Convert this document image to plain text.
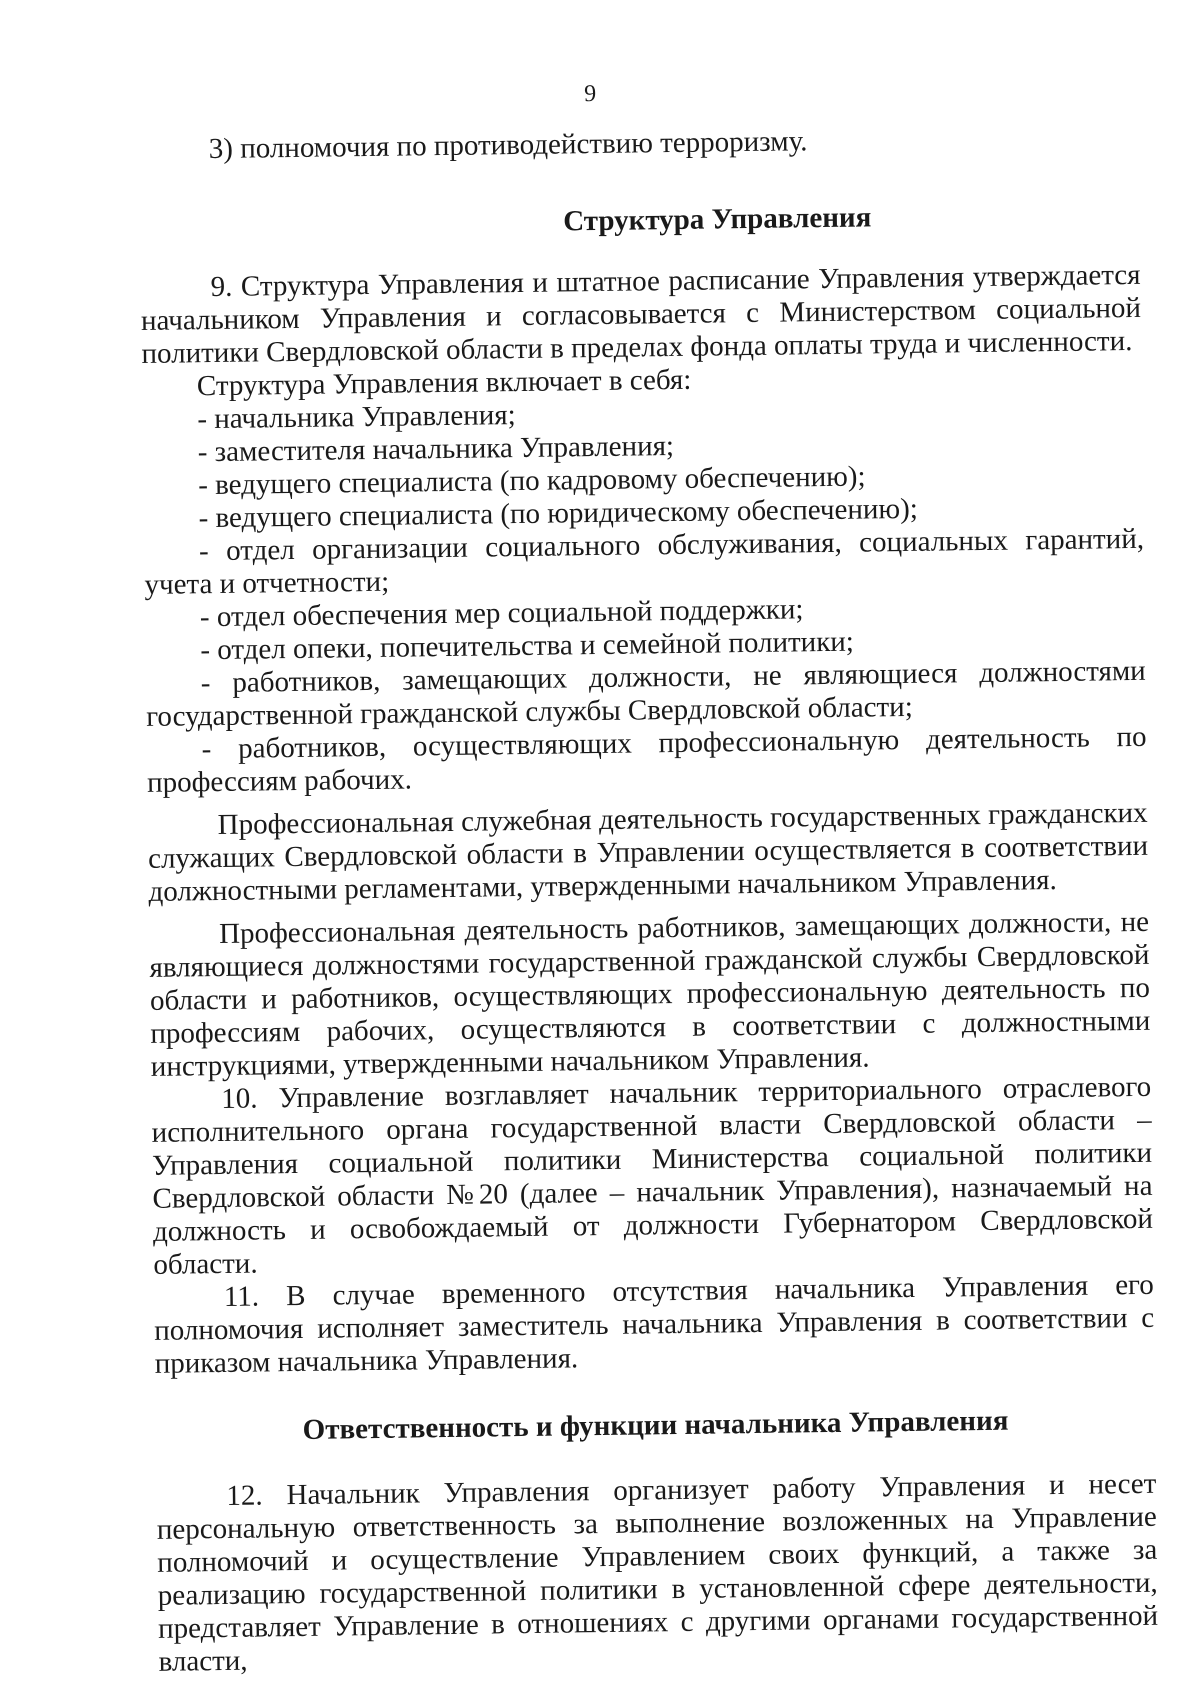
9

3) полномочия по противодействию терроризму.

Структура Управления

9. Структура Управления и штатное расписание Управления утверждается начальником Управления и согласовывается с Министерством социальной политики Свердловской области в пределах фонда оплаты труда и численности.

Структура Управления включает в себя:

- начальника Управления;

- заместителя начальника Управления;

- ведущего специалиста (по кадровому обеспечению);

- ведущего специалиста (по юридическому обеспечению);

- отдел организации социального обслуживания, социальных гарантий, учета и отчетности;

- отдел обеспечения мер социальной поддержки;

- отдел опеки, попечительства и семейной политики;

- работников, замещающих должности, не являющиеся должностями государственной гражданской службы Свердловской области;

- работников, осуществляющих профессиональную деятельность по профессиям рабочих.

Профессиональная служебная деятельность государственных гражданских служащих Свердловской области в Управлении осуществляется в соответствии должностными регламентами, утвержденными начальником Управления.

Профессиональная деятельность работников, замещающих должности, не являющиеся должностями государственной гражданской службы Свердловской области и работников, осуществляющих профессиональную деятельность по профессиям рабочих, осуществляются в соответствии с должностными инструкциями, утвержденными начальником Управления.

10. Управление возглавляет начальник территориального отраслевого исполнительного органа государственной власти Свердловской области – Управления социальной политики Министерства социальной политики Свердловской области №20 (далее – начальник Управления), назначаемый на должность и освобождаемый от должности Губернатором Свердловской области.

11. В случае временного отсутствия начальника Управления его полномочия исполняет заместитель начальника Управления в соответствии с приказом начальника Управления.

Ответственность и функции начальника Управления

12. Начальник Управления организует работу Управления и несет персональную ответственность за выполнение возложенных на Управление полномочий и осуществление Управлением своих функций, а также за реализацию государственной политики в установленной сфере деятельности, представляет Управление в отношениях с другими органами государственной власти,
